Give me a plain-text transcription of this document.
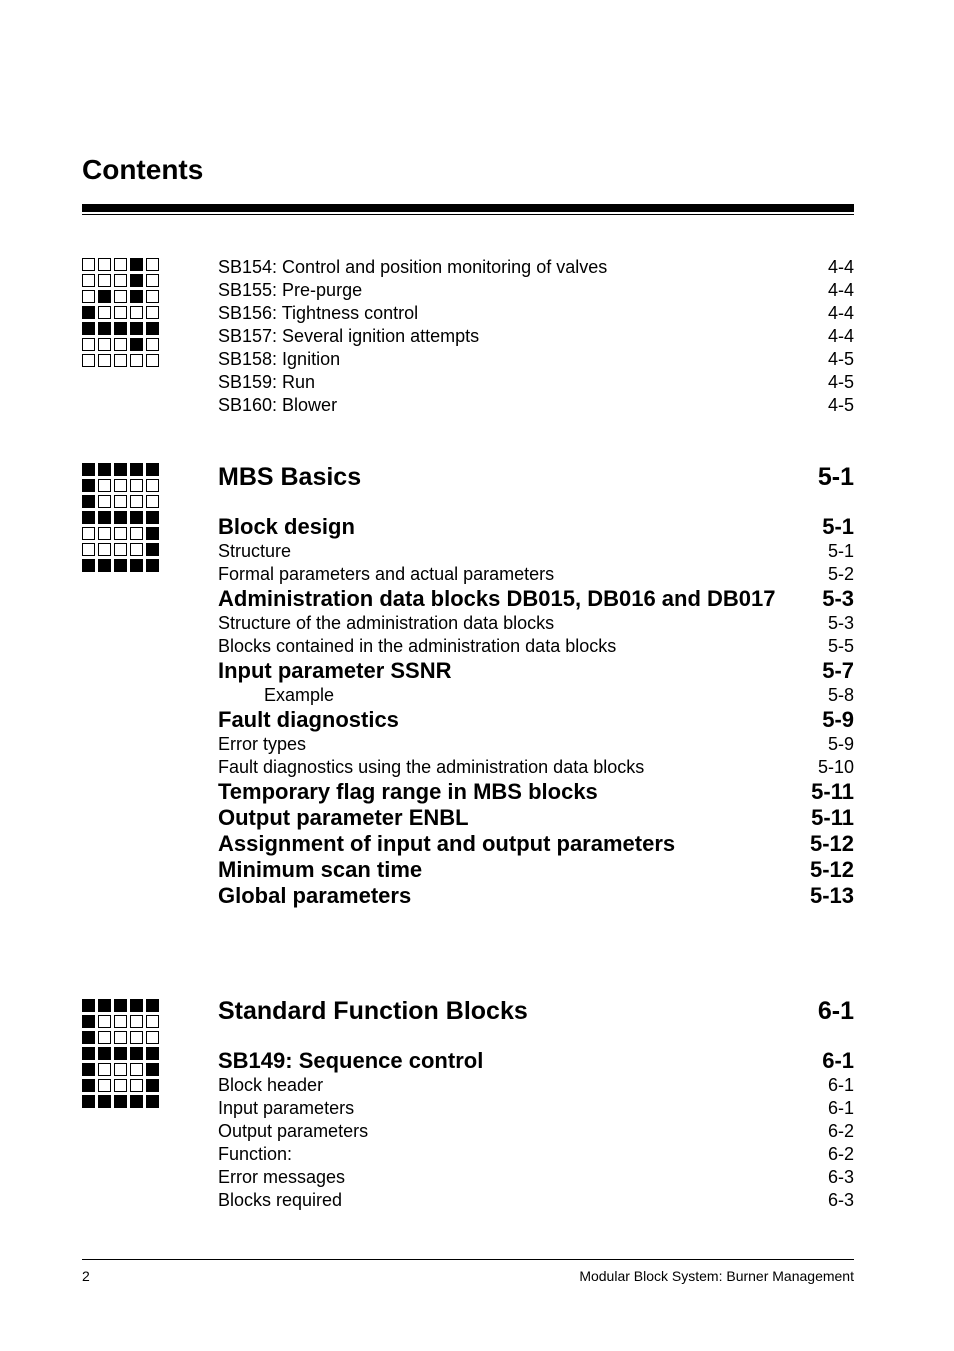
Contents
SB154: Control and position monitoring of valves	4-4
SB155: Pre-purge	4-4
SB156: Tightness control	4-4
SB157: Several ignition attempts	4-4
SB158: Ignition	4-5
SB159: Run	4-5
SB160: Blower	4-5
MBS Basics	5-1
Block design	5-1
Structure	5-1
Formal parameters and actual parameters	5-2
Administration data blocks DB015, DB016 and DB017 5-3
Structure of the administration data blocks	5-3
Blocks contained in the administration data blocks	5-5
Input parameter SSNR	5-7
Example	5-8
Fault diagnostics	5-9
Error types	5-9
Fault diagnostics using the administration data blocks	5-10
Temporary flag range in MBS blocks	5-11
Output parameter ENBL	5-11
Assignment of input and output parameters	5-12
Minimum scan time	5-12
Global parameters	5-13
Standard Function Blocks	6-1
SB149: Sequence control	6-1
Block header	6-1
Input parameters	6-1
Output parameters	6-2
Function:	6-2
Error messages	6-3
Blocks required	6-3
2	Modular Block System: Burner Management
